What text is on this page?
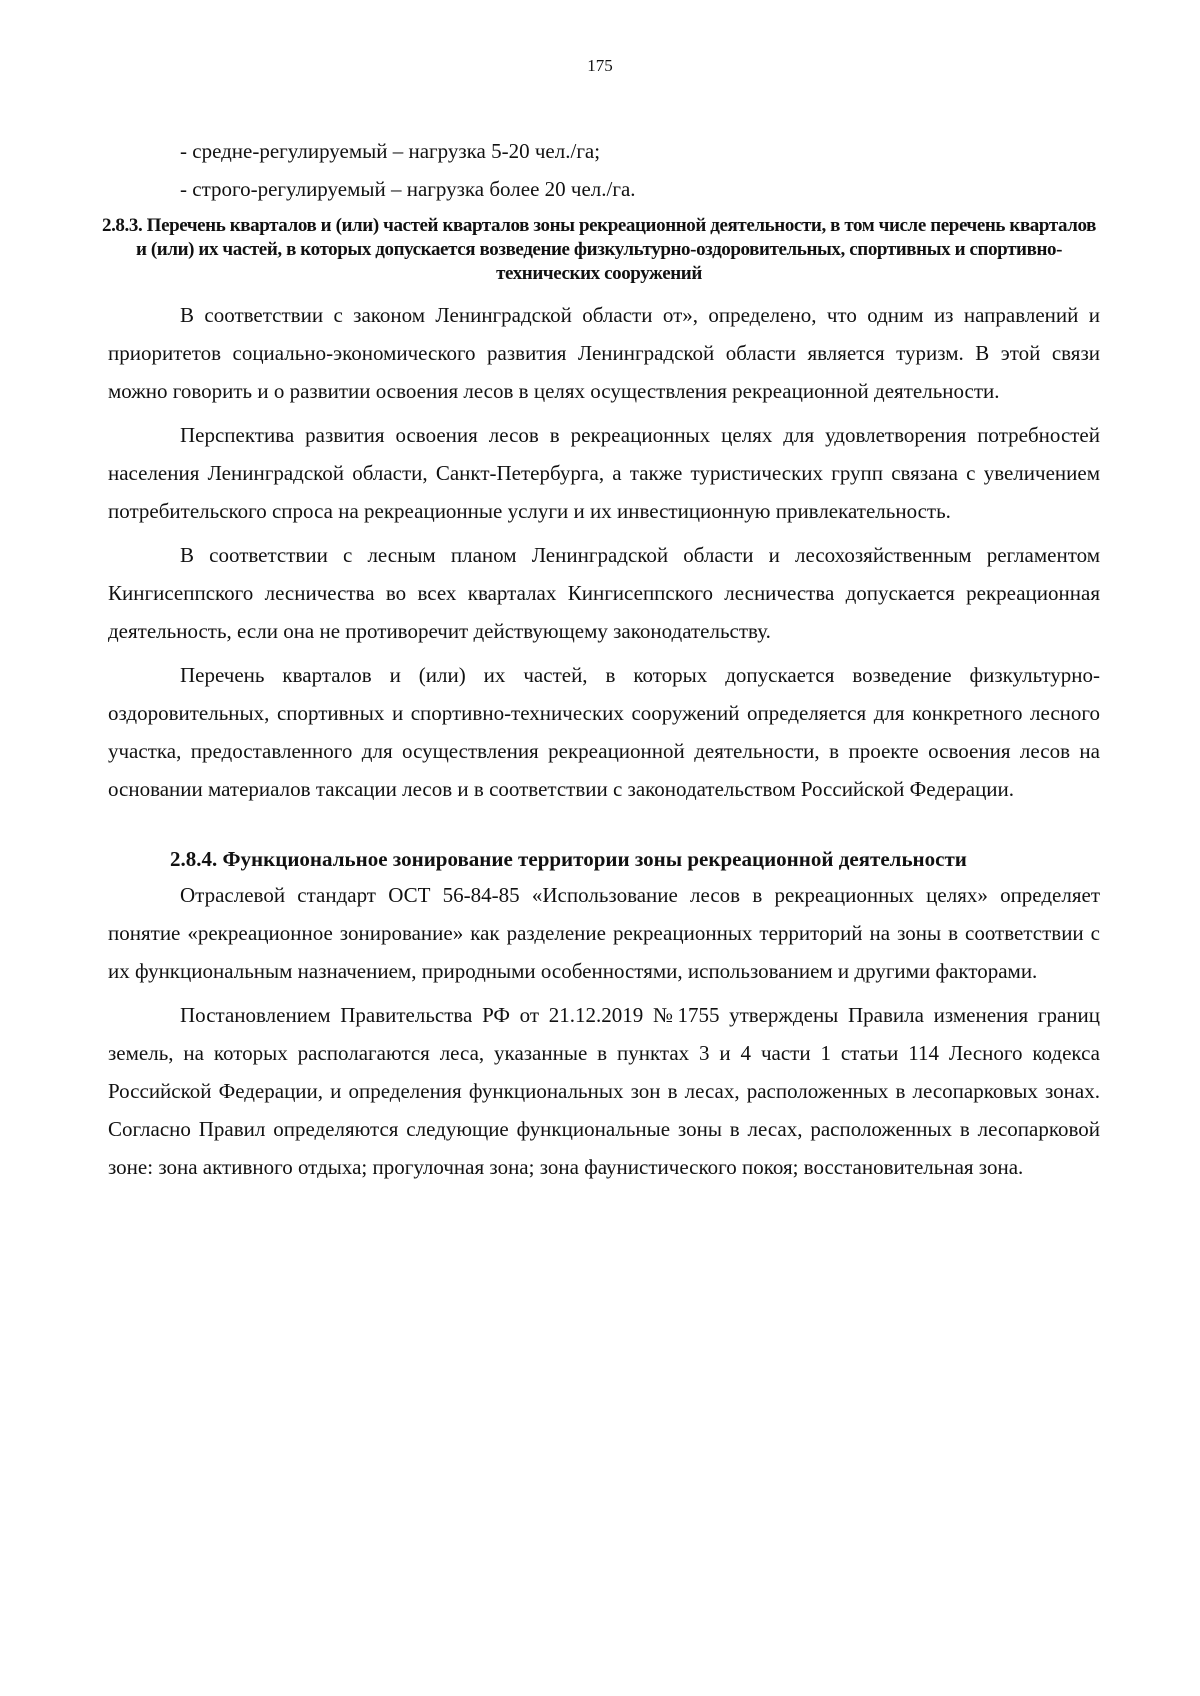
175
- средне-регулируемый – нагрузка 5-20 чел./га;
- строго-регулируемый – нагрузка более 20 чел./га.
2.8.3. Перечень кварталов и (или) частей кварталов зоны рекреационной деятельности, в том числе перечень кварталов и (или) их частей, в которых допускается возведение физкультурно-оздоровительных, спортивных и спортивно-технических сооружений

В соответствии с законом Ленинградской области от», определено, что одним из направлений и приоритетов социально-экономического развития Ленинградской области является туризм. В этой связи можно говорить и о развитии освоения лесов в целях осуществления рекреационной деятельности.

Перспектива развития освоения лесов в рекреационных целях для удовлетворения потребностей населения Ленинградской области, Санкт-Петербурга, а также туристических групп связана с увеличением потребительского спроса на рекреационные услуги и их инвестиционную привлекательность.

В соответствии с лесным планом Ленинградской области и лесохозяйственным регламентом Кингисеппского лесничества во всех кварталах Кингисеппского лесничества допускается рекреационная деятельность, если она не противоречит действующему законодательству.

Перечень кварталов и (или) их частей, в которых допускается возведение физкультурно-оздоровительных, спортивных и спортивно-технических сооружений определяется для конкретного лесного участка, предоставленного для осуществления рекреационной деятельности, в проекте освоения лесов на основании материалов таксации лесов и в соответствии с законодательством Российской Федерации.

2.8.4. Функциональное зонирование территории зоны рекреационной деятельности

Отраслевой стандарт ОСТ 56-84-85 «Использование лесов в рекреационных целях» определяет понятие «рекреационное зонирование» как разделение рекреационных территорий на зоны в соответствии с их функциональным назначением, природными особенностями, использованием и другими факторами.

Постановлением Правительства РФ от 21.12.2019 №1755 утверждены Правила изменения границ земель, на которых располагаются леса, указанные в пунктах 3 и 4 части 1 статьи 114 Лесного кодекса Российской Федерации, и определения функциональных зон в лесах, расположенных в лесопарковых зонах. Согласно Правил определяются следующие функциональные зоны в лесах, расположенных в лесопарковой зоне: зона активного отдыха; прогулочная зона; зона фаунистического покоя; восстановительная зона.
